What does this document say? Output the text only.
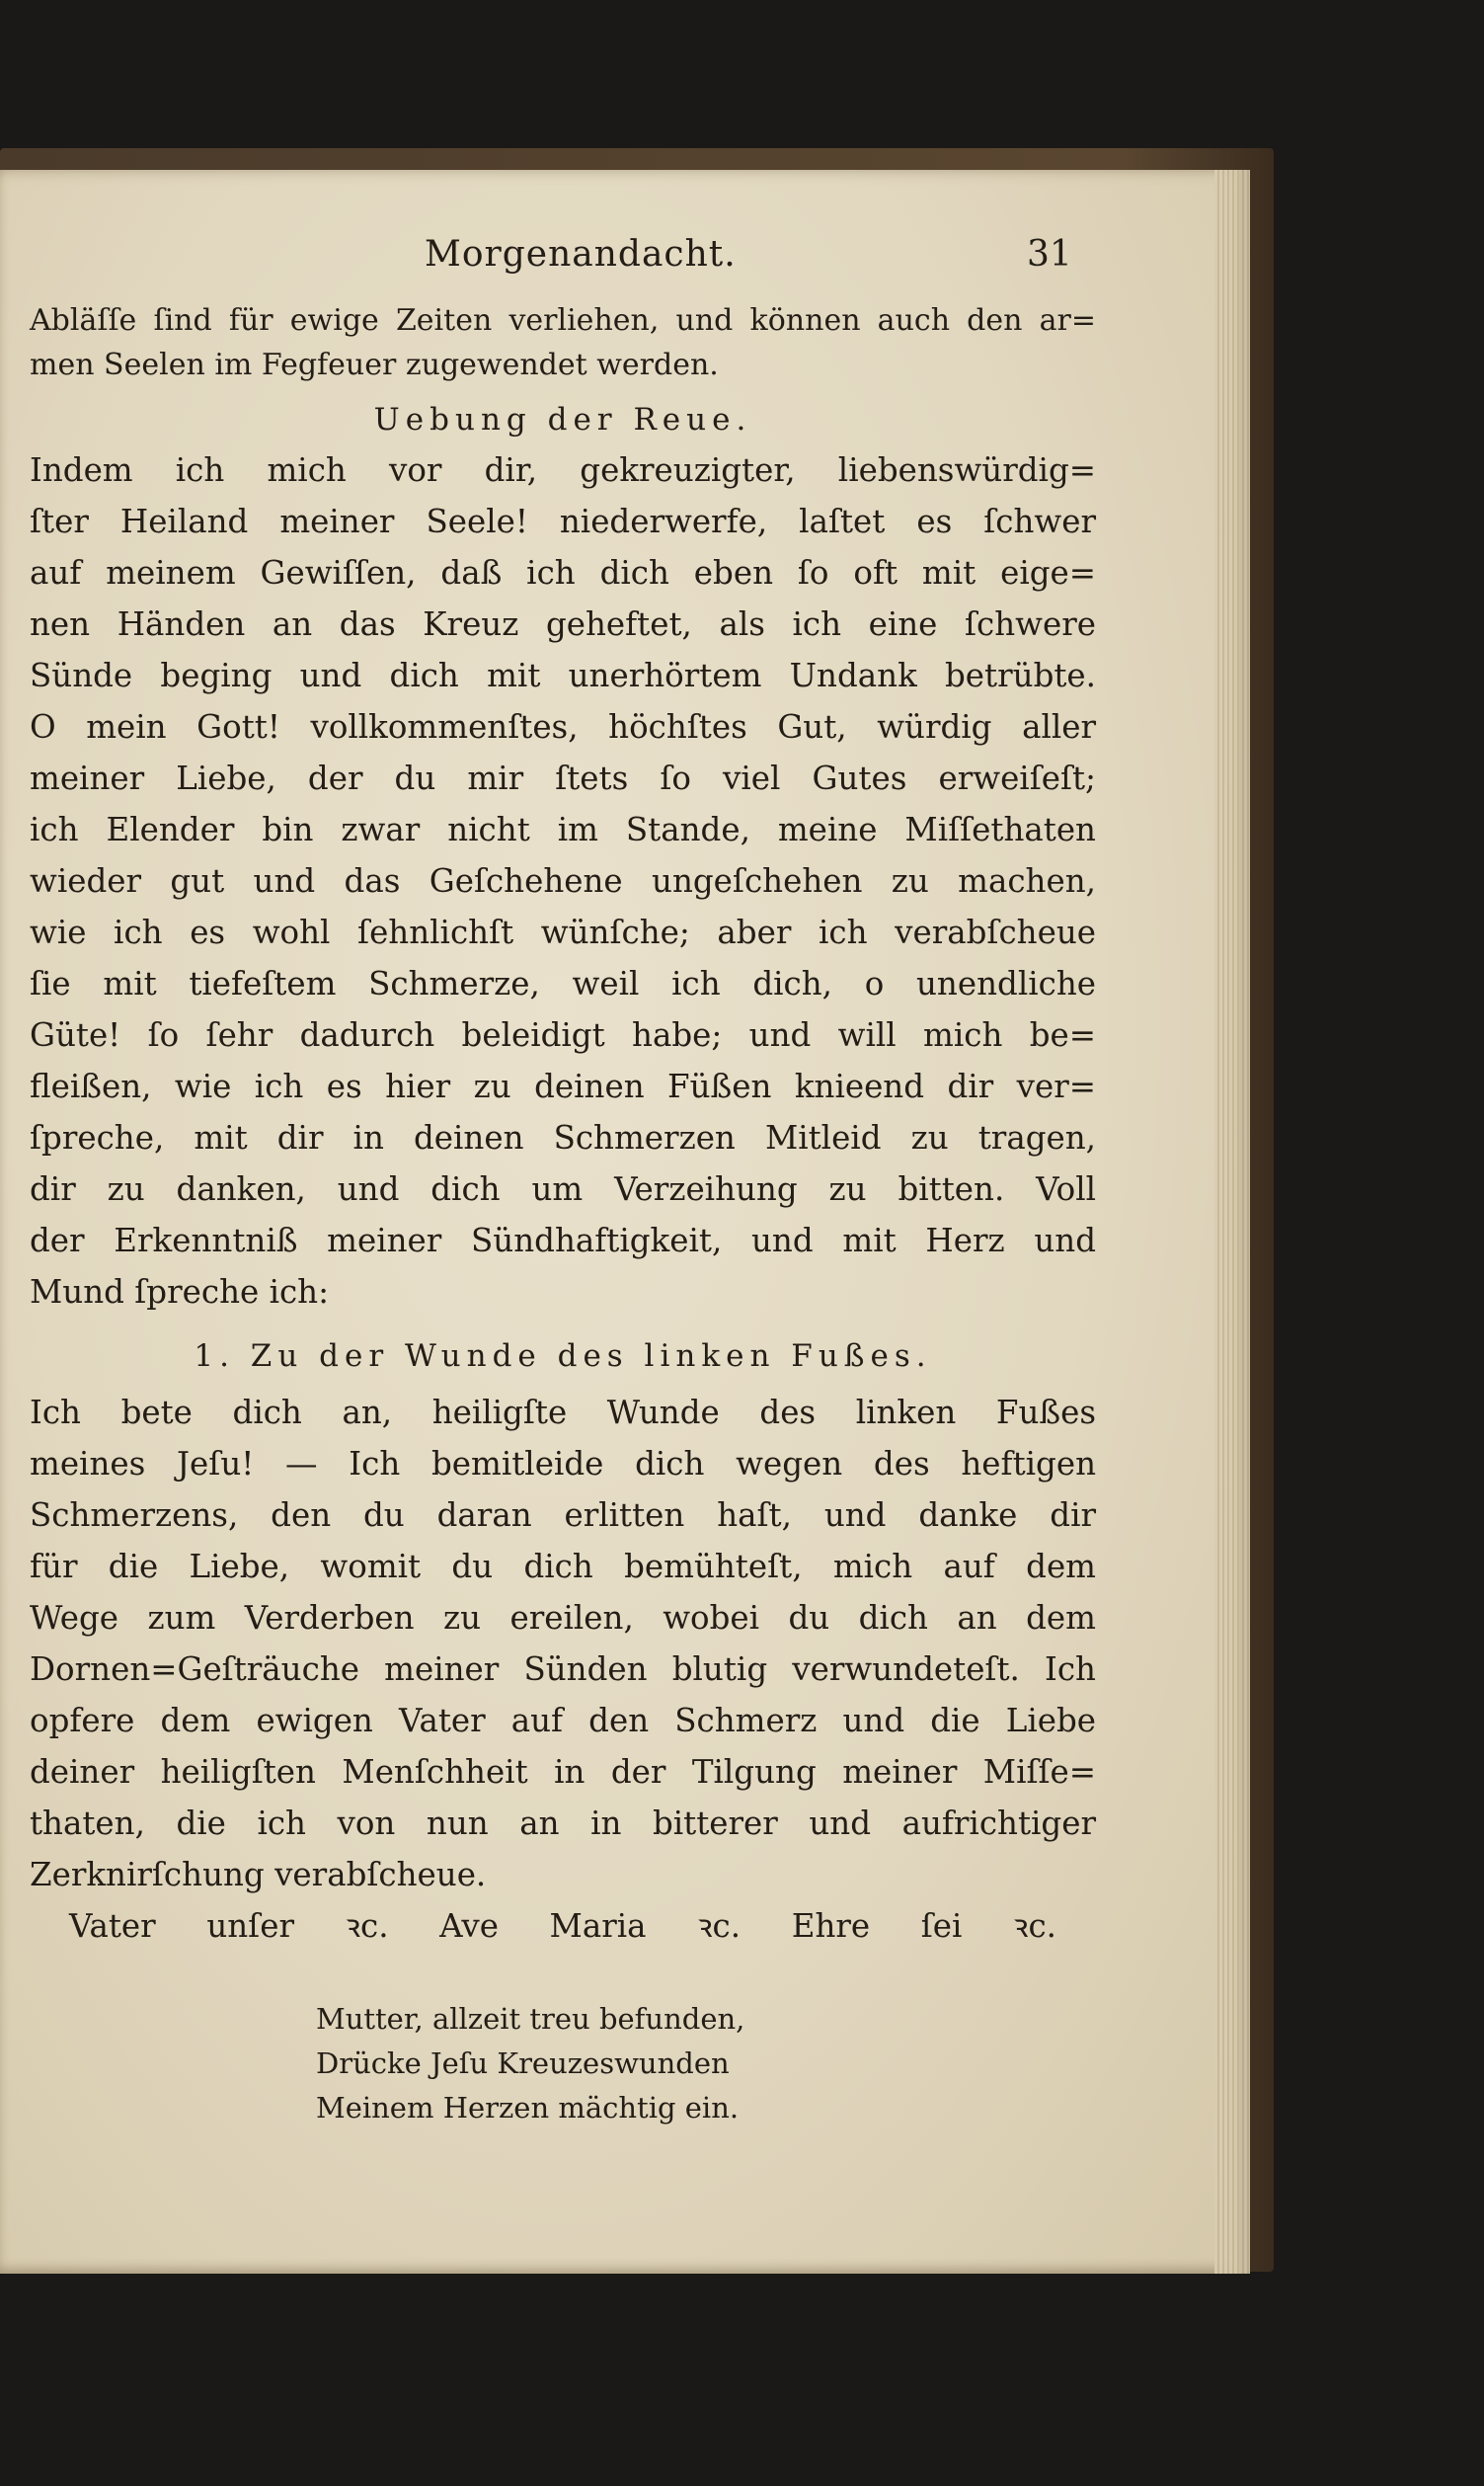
Morgenandacht.	31
Abläſſe ſind für ewige Zeiten verliehen, und können auch den ar=
men Seelen im Fegfeuer zugewendet werden.
Uebung der Reue.
Indem ich mich vor dir, gekreuzigter, liebenswürdig=
ſter Heiland meiner Seele! niederwerfe, laſtet es ſchwer
auf meinem Gewiſſen, daß ich dich eben ſo oft mit eige=
nen Händen an das Kreuz geheftet, als ich eine ſchwere
Sünde beging und dich mit unerhörtem Undank betrübte.
O mein Gott! vollkommenſtes, höchſtes Gut, würdig aller
meiner Liebe, der du mir ſtets ſo viel Gutes erweiſeſt;
ich Elender bin zwar nicht im Stande, meine Miſſethaten
wieder gut und das Geſchehene ungeſchehen zu machen,
wie ich es wohl ſehnlichſt wünſche; aber ich verabſcheue
ſie mit tiefeſtem Schmerze, weil ich dich, o unendliche
Güte! ſo ſehr dadurch beleidigt habe; und will mich be=
fleißen, wie ich es hier zu deinen Füßen knieend dir ver=
ſpreche, mit dir in deinen Schmerzen Mitleid zu tragen,
dir zu danken, und dich um Verzeihung zu bitten. Voll
der Erkenntniß meiner Sündhaftigkeit, und mit Herz und
Mund ſpreche ich:
1. Zu der Wunde des linken Fußes.
Ich bete dich an, heiligſte Wunde des linken Fußes
meines Jeſu! — Ich bemitleide dich wegen des heftigen
Schmerzens, den du daran erlitten haſt, und danke dir
für die Liebe, womit du dich bemühteſt, mich auf dem
Wege zum Verderben zu ereilen, wobei du dich an dem
Dornen=Geſträuche meiner Sünden blutig verwundeteſt. Ich
opfere dem ewigen Vater auf den Schmerz und die Liebe
deiner heiligſten Menſchheit in der Tilgung meiner Miſſe=
thaten, die ich von nun an in bitterer und aufrichtiger
Zerknirſchung verabſcheue.
Vater unſer ꝛc. Ave Maria ꝛc. Ehre ſei ꝛc.
Mutter, allzeit treu befunden,
Drücke Jeſu Kreuzeswunden
Meinem Herzen mächtig ein.
